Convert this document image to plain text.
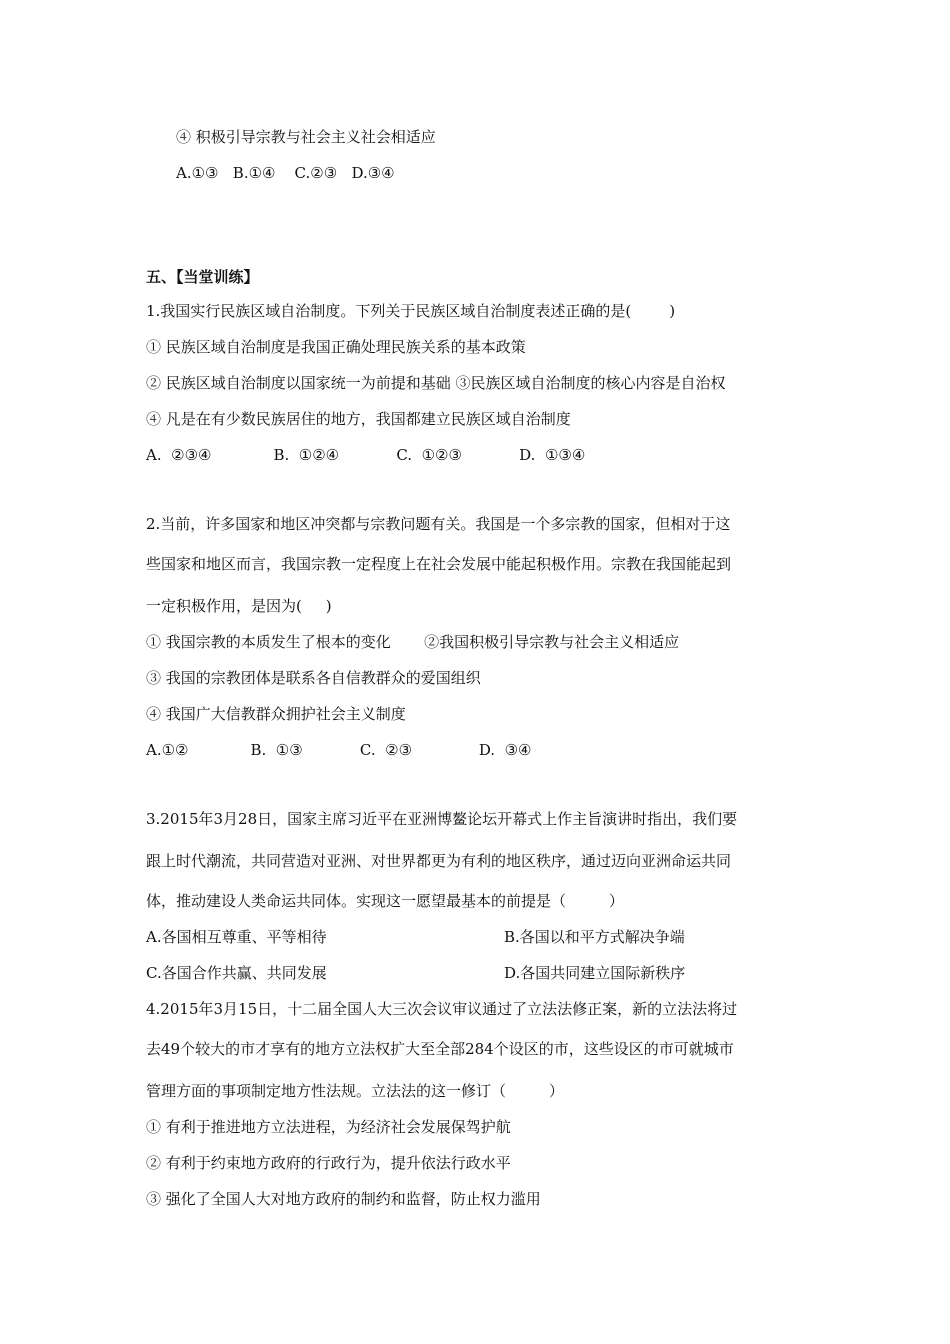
④ 积极引导宗教与社会主义社会相适应
A.①③   B.①④    C.②③   D.③④
五、【当堂训练】
1.我国实行民族区域自治制度。下列关于民族区域自治制度表述正确的是(        )
① 民族区域自治制度是我国正确处理民族关系的基本政策
② 民族区域自治制度以国家统一为前提和基础 ③民族区域自治制度的核心内容是自治权
④ 凡是在有少数民族居住的地方，我国都建立民族区域自治制度
A.  ②③④             B.  ①②④            C.  ①②③            D.  ①③④
2.当前，许多国家和地区冲突都与宗教问题有关。我国是一个多宗教的国家，但相对于这
些国家和地区而言，我国宗教一定程度上在社会发展中能起积极作用。宗教在我国能起到
一定积极作用，是因为(     )
① 我国宗教的本质发生了根本的变化       ②我国积极引导宗教与社会主义相适应
③ 我国的宗教团体是联系各自信教群众的爱国组织
④ 我国广大信教群众拥护社会主义制度
A.①②             B.  ①③            C.  ②③              D.  ③④
3.2015年3月28日，国家主席习近平在亚洲博鳌论坛开幕式上作主旨演讲时指出，我们要
跟上时代潮流，共同营造对亚洲、对世界都更为有利的地区秩序，通过迈向亚洲命运共同
体，推动建设人类命运共同体。实现这一愿望最基本的前提是（         ）
A.各国相互尊重、平等相待	B.各国以和平方式解决争端
C.各国合作共赢、共同发展	D.各国共同建立国际新秩序
4.2015年3月15日，十二届全国人大三次会议审议通过了立法法修正案，新的立法法将过
去49个较大的市才享有的地方立法权扩大至全部284个设区的市，这些设区的市可就城市
管理方面的事项制定地方性法规。立法法的这一修订（         ）
① 有利于推进地方立法进程，为经济社会发展保驾护航
② 有利于约束地方政府的行政行为，提升依法行政水平
③ 强化了全国人大对地方政府的制约和监督，防止权力滥用
